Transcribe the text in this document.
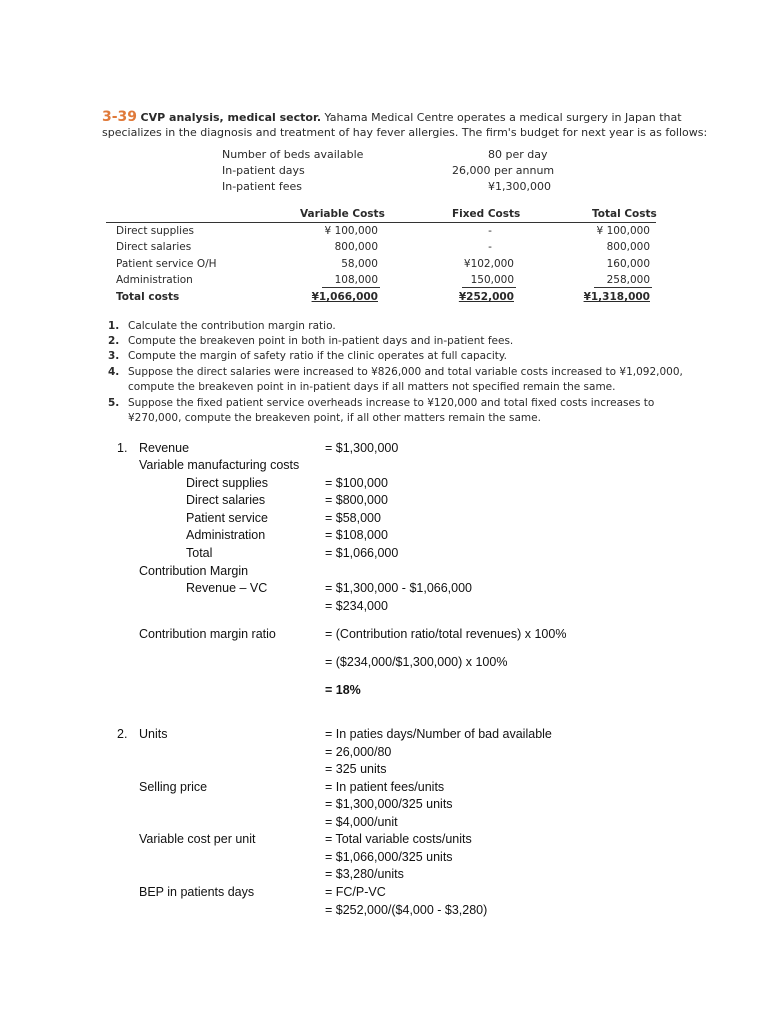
3-39 CVP analysis, medical sector. Yahama Medical Centre operates a medical surgery in Japan that
specializes in the diagnosis and treatment of hay fever allergies. The firm's budget for next year is as follows:
Number of beds available	80 per day
In-patient days	26,000 per annum
In-patient fees	¥1,300,000
Variable Costs	Fixed Costs	Total Costs
Direct supplies	¥ 100,000	-	¥ 100,000
Direct salaries	800,000	-	800,000
Patient service O/H	58,000	¥102,000	160,000
Administration	108,000	150,000	258,000
Total costs	¥1,066,000	¥252,000	¥1,318,000
1. Calculate the contribution margin ratio.
2. Compute the breakeven point in both in-patient days and in-patient fees.
3. Compute the margin of safety ratio if the clinic operates at full capacity.
4. Suppose the direct salaries were increased to ¥826,000 and total variable costs increased to ¥1,092,000,
compute the breakeven point in in-patient days if all matters not specified remain the same.
5. Suppose the fixed patient service overheads increase to ¥120,000 and total fixed costs increases to
¥270,000, compute the breakeven point, if all other matters remain the same.
1. Revenue	= $1,300,000
Variable manufacturing costs
Direct supplies	= $100,000
Direct salaries	= $800,000
Patient service	= $58,000
Administration	= $108,000
Total	= $1,066,000
Contribution Margin
Revenue – VC	= $1,300,000 - $1,066,000
= $234,000
Contribution margin ratio	= (Contribution ratio/total revenues) x 100%
= ($234,000/$1,300,000) x 100%
= 18%
2. Units	= In paties days/Number of bad available
= 26,000/80
= 325 units
Selling price	= In patient fees/units
= $1,300,000/325 units
= $4,000/unit
Variable cost per unit	= Total variable costs/units
= $1,066,000/325 units
= $3,280/units
BEP in patients days	= FC/P-VC
= $252,000/($4,000 - $3,280)
